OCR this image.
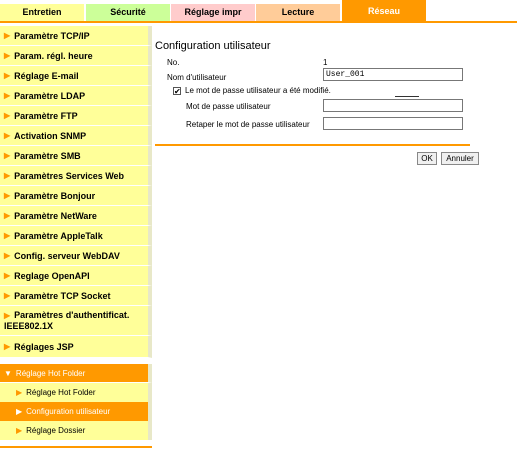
Entretien	Sécurité	Réglage impr	Lecture	Réseau
▶ Paramètre TCP/IP
▶ Param. régl. heure
▶ Réglage E-mail
▶ Paramètre LDAP
▶ Paramètre FTP
▶ Activation SNMP
▶ Paramètre SMB
▶ Paramètres Services Web
▶ Paramètre Bonjour
▶ Paramètre NetWare
▶ Paramètre AppleTalk
▶ Config. serveur WebDAV
▶ Reglage OpenAPI
▶ Paramètre TCP Socket
▶ Paramètres d'authentificat. IEEE802.1X
▶ Réglages JSP
▼ Réglage Hot Folder
▶ Réglage Hot Folder
▶ Configuration utilisateur
▶ Réglage Dossier
Configuration utilisateur
No.	1
Nom d'utilisateur
User_001
✔ Le mot de passe utilisateur a été modifié.
Mot de passe utilisateur
Retaper le mot de passe utilisateur
OK	Annuler
